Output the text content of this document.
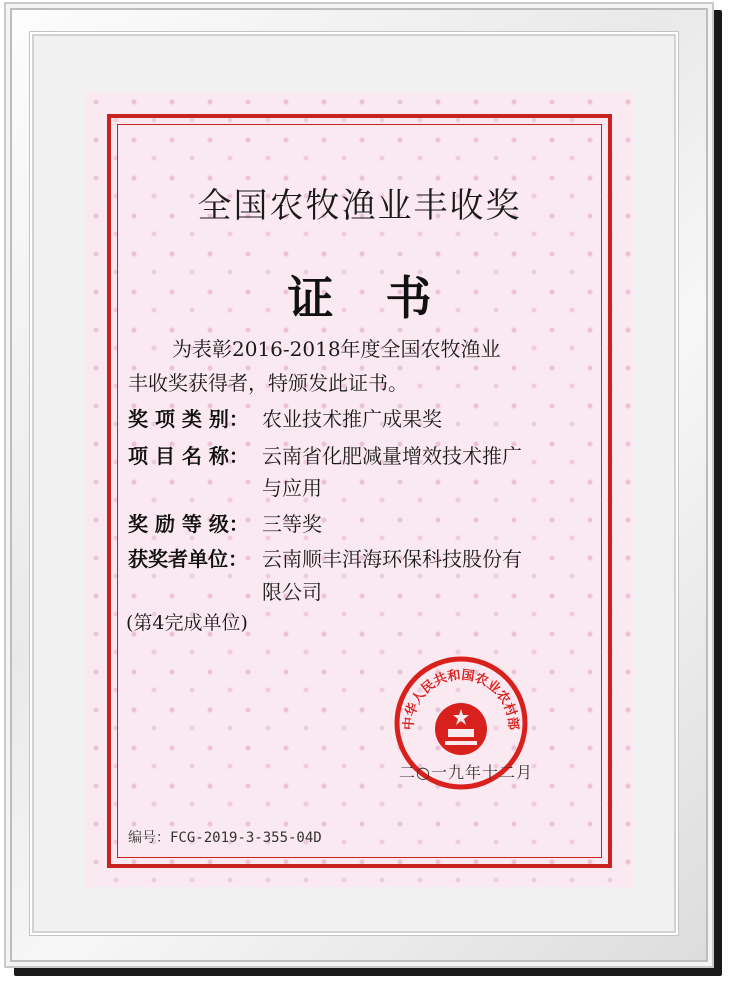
全国农牧渔业丰收奖
证书
为表彰2016-2018年度全国农牧渔业
丰收奖获得者，特颁发此证书。
奖 项 类 别： 农业技术推广成果奖
项 目 名 称： 云南省化肥减量增效技术推广
与应用
奖 励 等 级： 三等奖
获奖者单位： 云南顺丰洱海环保科技股份有
限公司
(第4完成单位)
中华人民共和国农业农村部
二○一九年十二月
编号：FCG-2019-3-355-04D
